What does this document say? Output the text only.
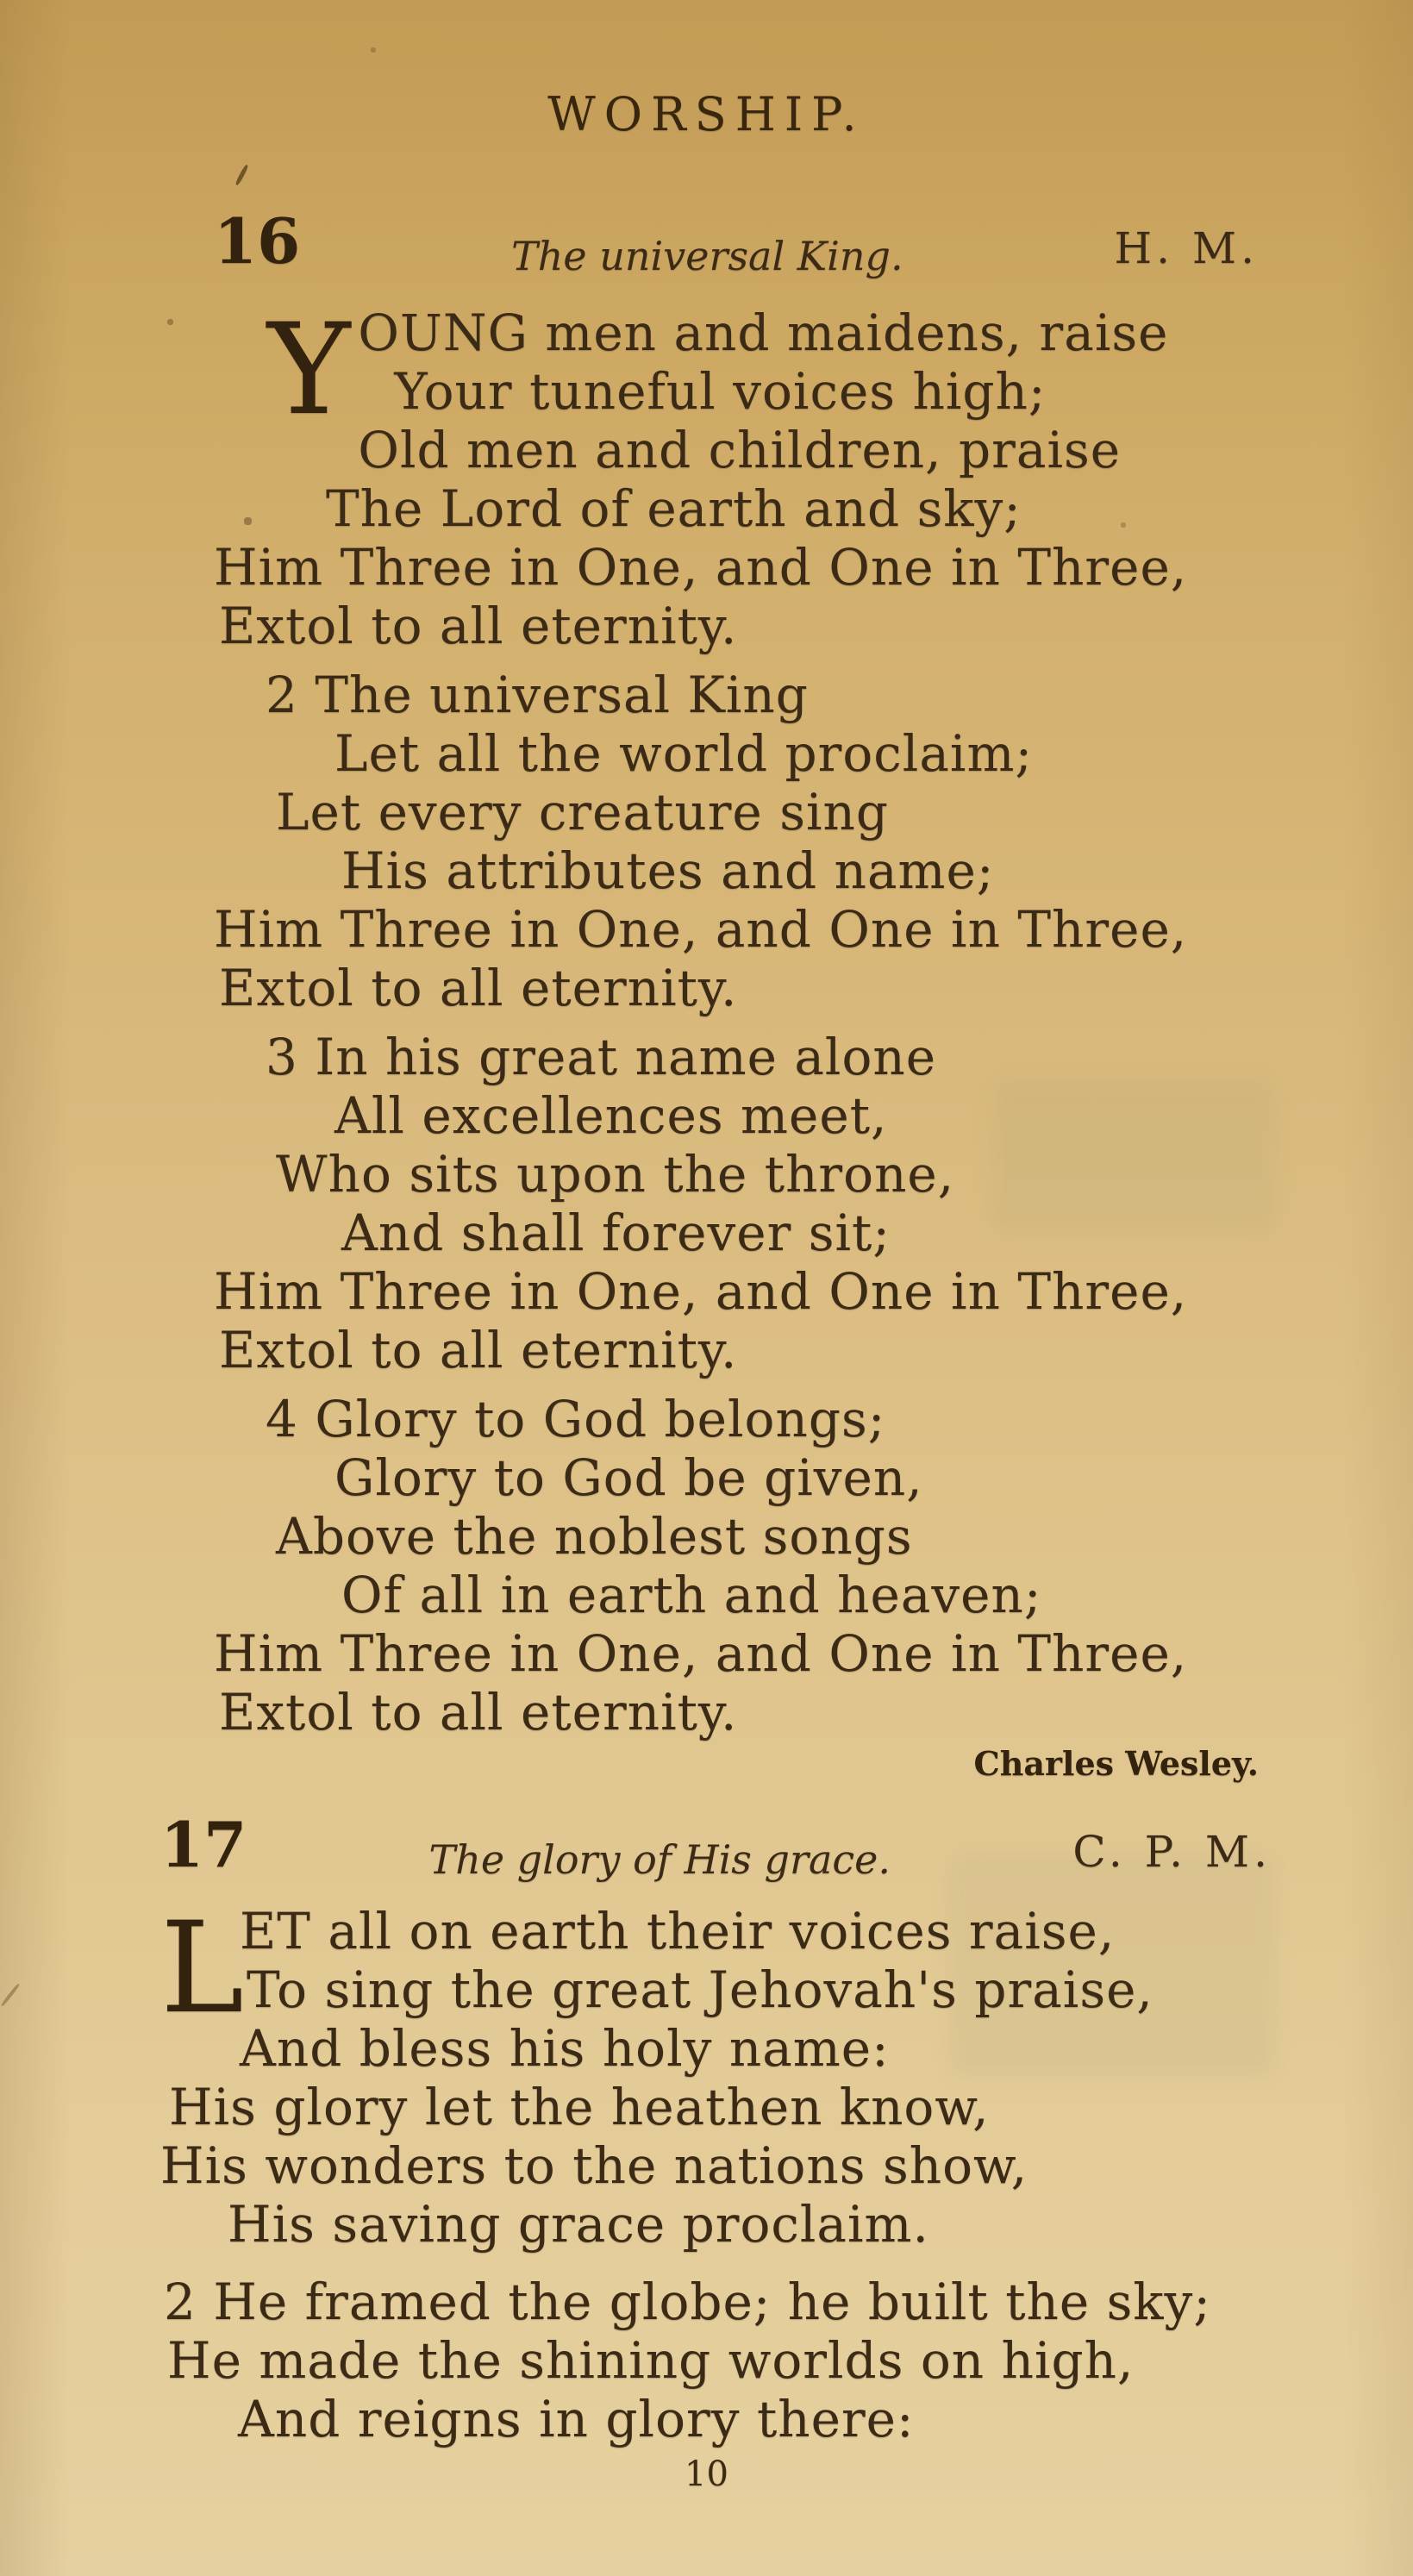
WORSHIP.
16	The universal King.	H. M.
Y OUNG men and maidens, raise
Your tuneful voices high;
Old men and children, praise
The Lord of earth and sky;
Him Three in One, and One in Three,
Extol to all eternity.
2 The universal King
Let all the world proclaim;
Let every creature sing
His attributes and name;
Him Three in One, and One in Three,
Extol to all eternity.
3 In his great name alone
All excellences meet,
Who sits upon the throne,
And shall forever sit;
Him Three in One, and One in Three,
Extol to all eternity.
4 Glory to God belongs;
Glory to God be given,
Above the noblest songs
Of all in earth and heaven;
Him Three in One, and One in Three,
Extol to all eternity.
Charles Wesley.
17	The glory of His grace.	C. P. M.
L
ET all on earth their voices raise,
To sing the great Jehovah's praise,
And bless his holy name:
His glory let the heathen know,
His wonders to the nations show,
His saving grace proclaim.
2 He framed the globe; he built the sky;
He made the shining worlds on high,
And reigns in glory there:
10
